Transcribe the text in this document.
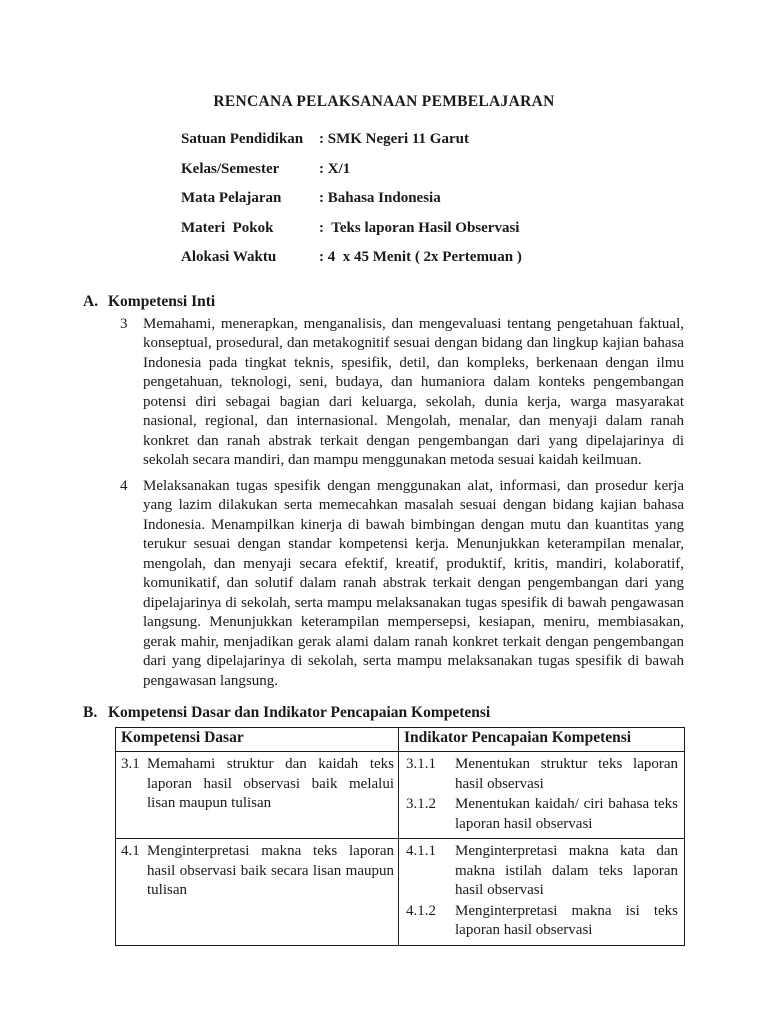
RENCANA PELAKSANAAN PEMBELAJARAN
Satuan Pendidikan	: SMK Negeri 11 Garut
Kelas/Semester	: X/1
Mata Pelajaran	: Bahasa Indonesia
Materi  Pokok	:  Teks laporan Hasil Observasi
Alokasi Waktu	: 4  x 45 Menit ( 2x Pertemuan )
A. Kompetensi Inti
3	Memahami, menerapkan, menganalisis, dan mengevaluasi tentang pengetahuan faktual, konseptual, prosedural, dan metakognitif sesuai dengan bidang dan lingkup kajian bahasa Indonesia pada tingkat teknis, spesifik, detil, dan kompleks, berkenaan dengan ilmu pengetahuan, teknologi, seni, budaya, dan humaniora dalam konteks pengembangan potensi diri sebagai bagian dari keluarga, sekolah, dunia kerja, warga masyarakat nasional, regional, dan internasional. Mengolah, menalar, dan menyaji dalam ranah konkret dan ranah abstrak terkait dengan pengembangan dari yang dipelajarinya di sekolah secara mandiri, dan mampu menggunakan metoda sesuai kaidah keilmuan.
4	Melaksanakan tugas spesifik dengan menggunakan alat, informasi, dan prosedur kerja yang lazim dilakukan serta memecahkan masalah sesuai dengan bidang kajian bahasa Indonesia. Menampilkan kinerja di bawah bimbingan dengan mutu dan kuantitas yang terukur sesuai dengan standar kompetensi kerja. Menunjukkan keterampilan menalar, mengolah, dan menyaji secara efektif, kreatif, produktif, kritis, mandiri, kolaboratif, komunikatif, dan solutif dalam ranah abstrak terkait dengan pengembangan dari yang dipelajarinya di sekolah, serta mampu melaksanakan tugas spesifik di bawah pengawasan langsung. Menunjukkan keterampilan mempersepsi, kesiapan, meniru, membiasakan, gerak mahir, menjadikan gerak alami dalam ranah konkret terkait dengan pengembangan dari yang dipelajarinya di sekolah, serta mampu melaksanakan tugas spesifik di bawah pengawasan langsung.
B. Kompetensi Dasar dan Indikator Pencapaian Kompetensi
Kompetensi Dasar	Indikator Pencapaian Kompetensi

3.1 Memahami struktur dan kaidah teks laporan hasil observasi baik melalui lisan maupun tulisan

3.1.1	Menentukan struktur teks laporan hasil observasi
3.1.2	Menentukan kaidah/ ciri bahasa teks laporan hasil observasi

4.1 Menginterpretasi makna teks laporan hasil observasi baik secara lisan maupun tulisan

4.1.1	Menginterpretasi makna kata dan makna istilah dalam teks laporan hasil observasi
4.1.2	Menginterpretasi makna isi teks laporan hasil observasi
